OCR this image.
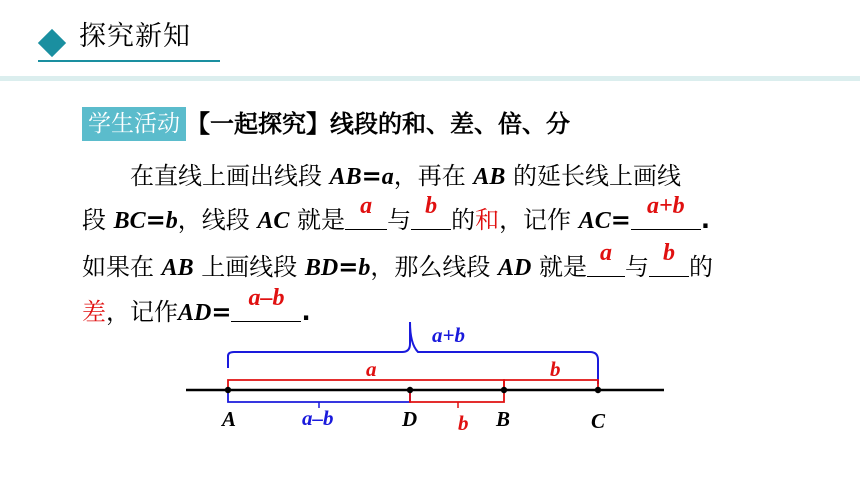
探究新知
学生活动 【一起探究】线段的和、差、倍、分
在直线上画出线段 AB=a，再在 AB 的延长线上画线
段 BC=b，线段 AC 就是 a 与 b 的和，记作 AC= a+b .
如果在 AB 上画线段 BD=b，那么线段 AD 就是 a 与 b 的
差，记作AD= a–b .
a+b
a	b
a–b	b
A	D	B	C
